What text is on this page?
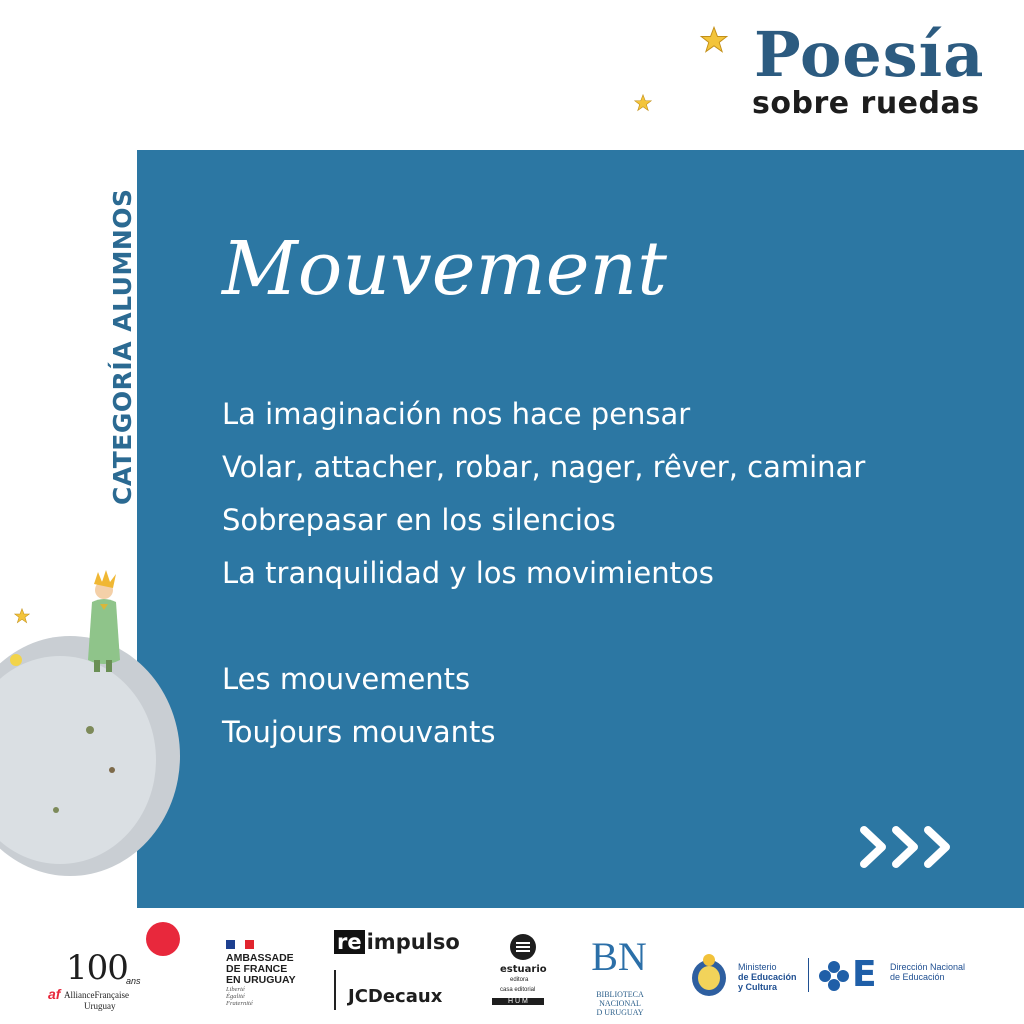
Poesía
sobre ruedas
CATEGORÍA ALUMNOS Mouvement
La imaginación nos hace pensar
Volar, attacher, robar, nager, rêver, caminar
Sobrepasar en los silencios
La tranquilidad y los movimientos
Les mouvements
Toujours mouvants
100
ans
af AllianceFrançaise
Uruguay
AMBASSADE
DE FRANCE
EN URUGUAY
Liberté
Égalité
Fraternité
re impulso
JCDecaux
estuario
editora
casa editorial
H U M
BN
BIBLIOTECA
NACIONAL
D URUGUAY
Ministerio
de Educación
y Cultura	E Dirección Nacional
de Educación
